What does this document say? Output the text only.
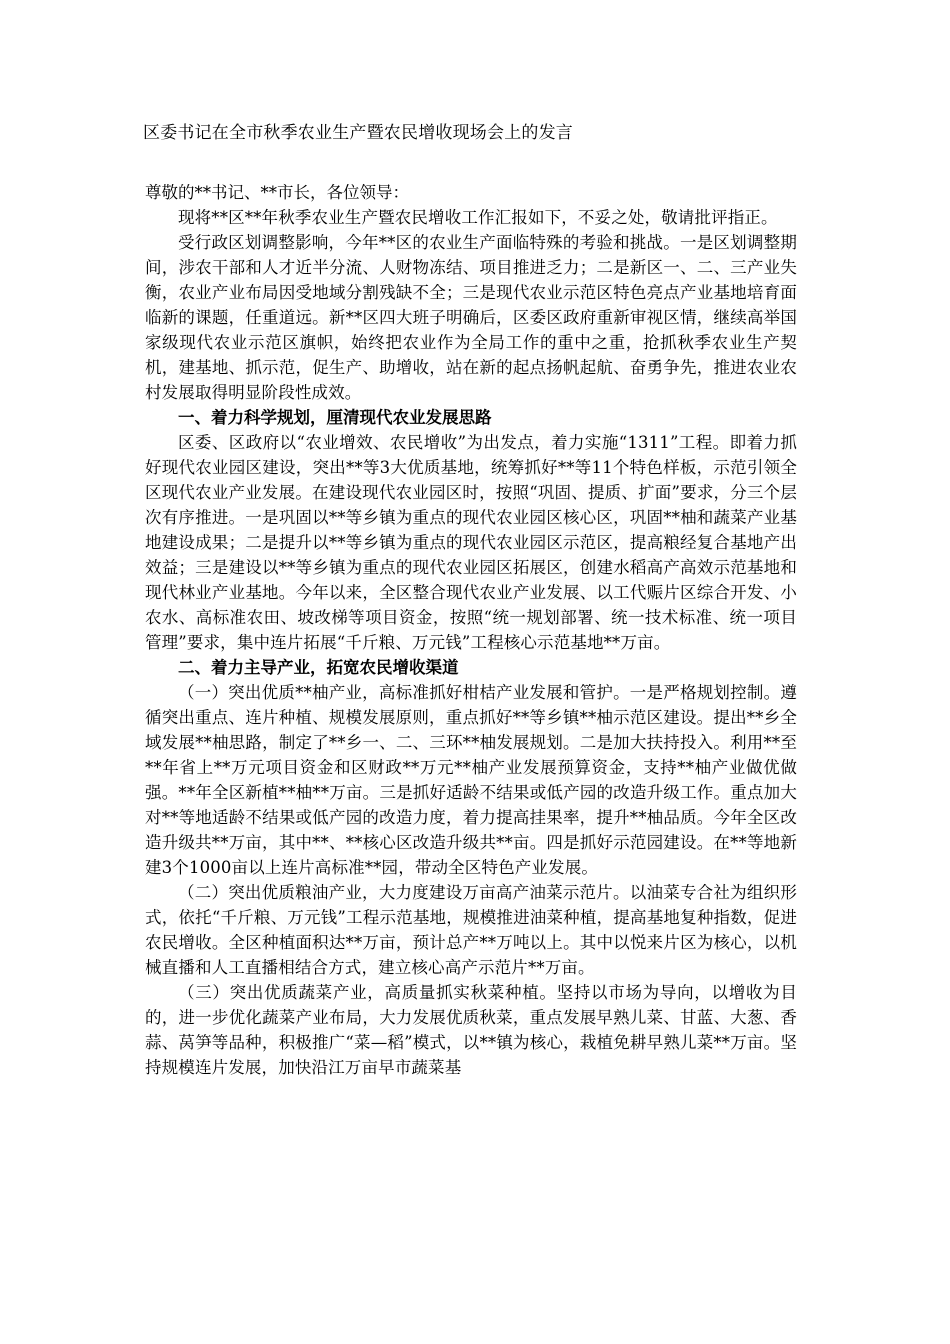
区委书记在全市秋季农业生产暨农民增收现场会上的发言
尊敬的**书记、**市长，各位领导：

现将**区**年秋季农业生产暨农民增收工作汇报如下，不妥之处，敬请批评指正。

受行政区划调整影响，今年**区的农业生产面临特殊的考验和挑战。一是区划调整期间，涉农干部和人才近半分流、人财物冻结、项目推进乏力；二是新区一、二、三产业失衡，农业产业布局因受地域分割残缺不全；三是现代农业示范区特色亮点产业基地培育面临新的课题，任重道远。新**区四大班子明确后，区委区政府重新审视区情，继续高举国家级现代农业示范区旗帜，始终把农业作为全局工作的重中之重，抢抓秋季农业生产契机，建基地、抓示范，促生产、助增收，站在新的起点扬帆起航、奋勇争先，推进农业农村发展取得明显阶段性成效。

一、着力科学规划，厘清现代农业发展思路

区委、区政府以“农业增效、农民增收”为出发点，着力实施“1311”工程。即着力抓好现代农业园区建设，突出**等3大优质基地，统筹抓好**等11个特色样板，示范引领全区现代农业产业发展。在建设现代农业园区时，按照“巩固、提质、扩面”要求，分三个层次有序推进。一是巩固以**等乡镇为重点的现代农业园区核心区，巩固**柚和蔬菜产业基地建设成果；二是提升以**等乡镇为重点的现代农业园区示范区，提高粮经复合基地产出效益；三是建设以**等乡镇为重点的现代农业园区拓展区，创建水稻高产高效示范基地和现代林业产业基地。今年以来，全区整合现代农业产业发展、以工代赈片区综合开发、小农水、高标准农田、坡改梯等项目资金，按照“统一规划部署、统一技术标准、统一项目管理”要求，集中连片拓展“千斤粮、万元钱”工程核心示范基地**万亩。

二、着力主导产业，拓宽农民增收渠道

（一）突出优质**柚产业，高标准抓好柑桔产业发展和管护。一是严格规划控制。遵循突出重点、连片种植、规模发展原则，重点抓好**等乡镇**柚示范区建设。提出**乡全域发展**柚思路，制定了**乡一、二、三环**柚发展规划。二是加大扶持投入。利用**至**年省上**万元项目资金和区财政**万元**柚产业发展预算资金，支持**柚产业做优做强。**年全区新植**柚**万亩。三是抓好适龄不结果或低产园的改造升级工作。重点加大对**等地适龄不结果或低产园的改造力度，着力提高挂果率，提升**柚品质。今年全区改造升级共**万亩，其中**、**核心区改造升级共**亩。四是抓好示范园建设。在**等地新建3个1000亩以上连片高标准**园，带动全区特色产业发展。

（二）突出优质粮油产业，大力度建设万亩高产油菜示范片。以油菜专合社为组织形式，依托“千斤粮、万元钱”工程示范基地，规模推进油菜种植，提高基地复种指数，促进农民增收。全区种植面积达**万亩，预计总产**万吨以上。其中以悦来片区为核心，以机械直播和人工直播相结合方式，建立核心高产示范片**万亩。

（三）突出优质蔬菜产业，高质量抓实秋菜种植。坚持以市场为导向，以增收为目的，进一步优化蔬菜产业布局，大力发展优质秋菜，重点发展早熟儿菜、甘蓝、大葱、香蒜、莴笋等品种，积极推广“菜—稻”模式，以**镇为核心，栽植免耕早熟儿菜**万亩。坚持规模连片发展，加快沿江万亩早市蔬菜基
